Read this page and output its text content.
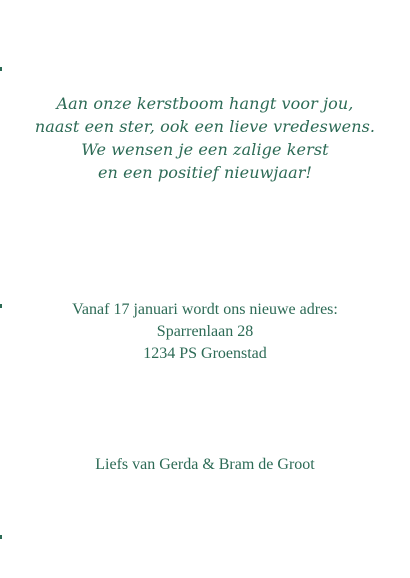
Aan onze kerstboom hangt voor jou,
naast een ster, ook een lieve vredeswens.
We wensen je een zalige kerst
en een positief nieuwjaar!
Vanaf 17 januari wordt ons nieuwe adres:
Sparrenlaan 28
1234 PS Groenstad
Liefs van Gerda & Bram de Groot
